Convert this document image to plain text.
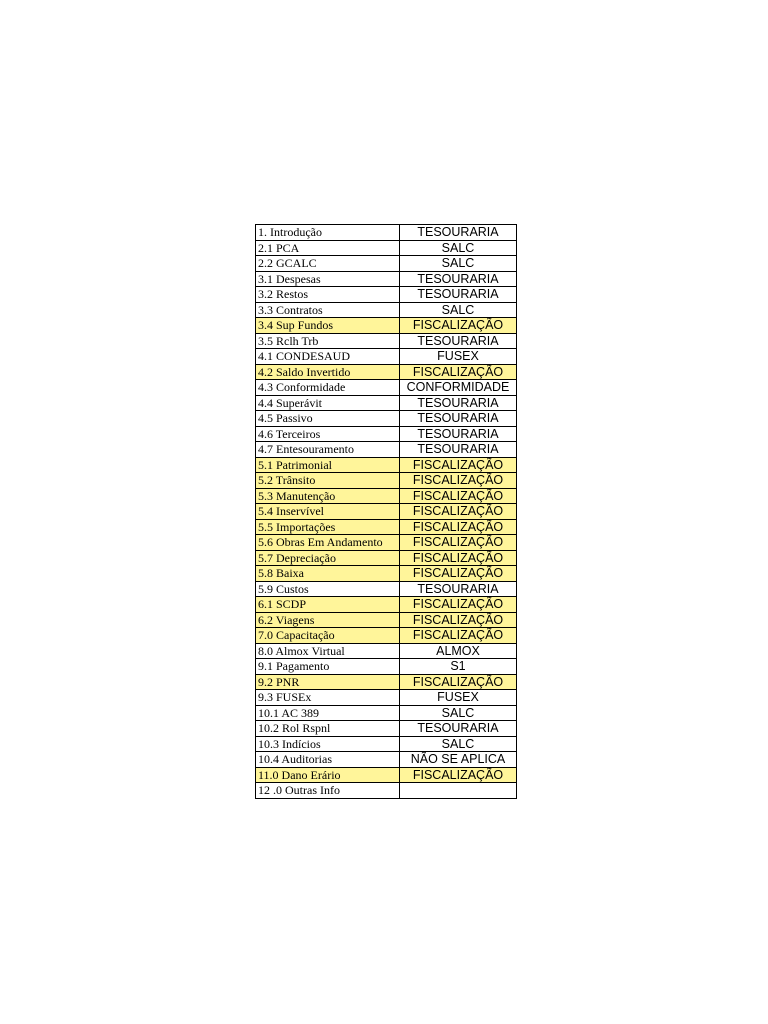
1. Introdução	TESOURARIA
2.1 PCA	SALC
2.2 GCALC	SALC
3.1 Despesas	TESOURARIA
3.2 Restos	TESOURARIA
3.3 Contratos	SALC
3.4 Sup Fundos	FISCALIZAÇÃO
3.5 Rclh Trb	TESOURARIA
4.1 CONDESAUD	FUSEX
4.2 Saldo Invertido	FISCALIZAÇÃO
4.3 Conformidade	CONFORMIDADE
4.4 Superávit	TESOURARIA
4.5 Passivo	TESOURARIA
4.6 Terceiros	TESOURARIA
4.7 Entesouramento	TESOURARIA
5.1 Patrimonial	FISCALIZAÇÃO
5.2 Trânsito	FISCALIZAÇÃO
5.3 Manutenção	FISCALIZAÇÃO
5.4 Inservível	FISCALIZAÇÃO
5.5 Importações	FISCALIZAÇÃO
5.6 Obras Em Andamento	FISCALIZAÇÃO
5.7 Depreciação	FISCALIZAÇÃO
5.8 Baixa	FISCALIZAÇÃO
5.9 Custos	TESOURARIA
6.1 SCDP	FISCALIZAÇÃO
6.2 Viagens	FISCALIZAÇÃO
7.0 Capacitação	FISCALIZAÇÃO
8.0 Almox Virtual	ALMOX
9.1 Pagamento	S1
9.2 PNR	FISCALIZAÇÃO
9.3 FUSEx	FUSEX
10.1 AC 389	SALC
10.2 Rol Rspnl	TESOURARIA
10.3 Indícios	SALC
10.4 Auditorias	NÃO SE APLICA
11.0 Dano Erário	FISCALIZAÇÃO
12 .0 Outras Info	
